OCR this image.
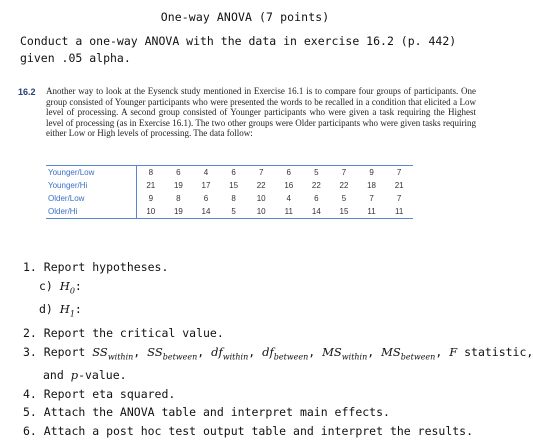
One-way ANOVA (7 points)
Conduct a one-way ANOVA with the data in exercise 16.2 (p. 442)
given .05 alpha.
16.2 Another way to look at the Eysenck study mentioned in Exercise 16.1 is to compare four groups of participants. One group consisted of Younger participants who were presented the words to be recalled in a condition that elicited a Low level of processing. A second group consisted of Younger participants who were given a task requiring the Highest level of processing (as in Exercise 16.1). The two other groups were Older participants who were given tasks requiring either Low or High levels of processing. The data follow:
Younger/Low	8	6	4	6	7	6	5	7	9	7
Younger/Hi	21	19	17	15	22	16	22	22	18	21
Older/Low	9	8	6	8	10	4	6	5	7	7
Older/Hi	10	19	14	5	10	11	14	15	11	11
1. Report hypotheses.
c) $H_0$:
d) $H_1$:
2. Report the critical value.
3. Report $SS_{within}$, $SS_{between}$, $df_{within}$, $df_{between}$, $MS_{within}$, $MS_{between}$, F statistic,
and p-value.
4. Report eta squared.
5. Attach the ANOVA table and interpret main effects.
6. Attach a post hoc test output table and interpret the results.
